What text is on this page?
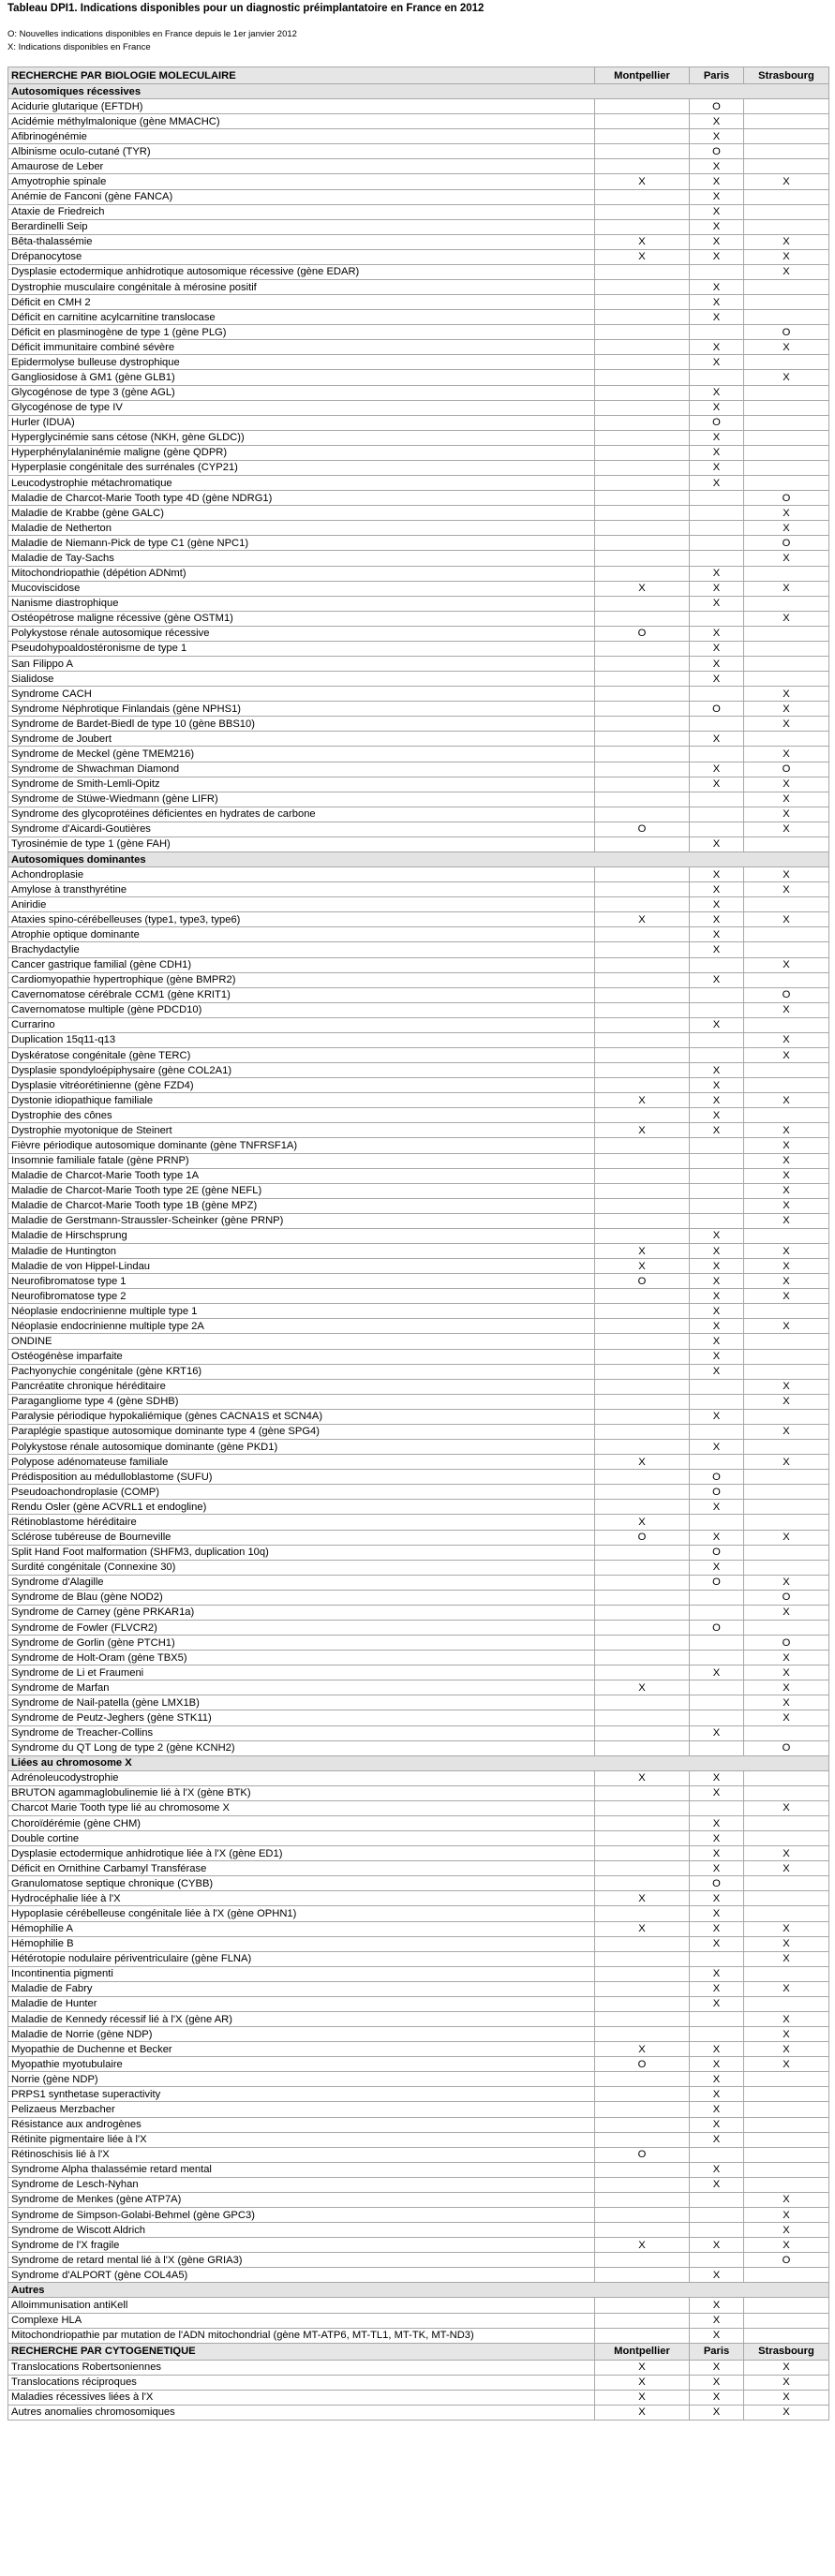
Tableau DPI1. Indications disponibles pour un diagnostic préimplantatoire en France en 2012
O: Nouvelles indications disponibles en France depuis le 1er janvier 2012
X: Indications disponibles en France
RECHERCHE PAR BIOLOGIE MOLECULAIRE	Montpellier	Paris	Strasbourg
Autosomiques récessives			
Acidurie glutarique (EFTDH)		O	
Acidémie méthylmalonique (gène MMACHC)		X	
Afibrinogénémie		X	
Albinisme oculo-cutané (TYR)		O	
Amaurose de Leber		X	
Amyotrophie spinale	X	X	X
Anémie de Fanconi (gène FANCA)		X	
Ataxie de Friedreich		X	
Berardinelli Seip		X	
Bêta-thalassémie	X	X	X
Drépanocytose	X	X	X
Dysplasie ectodermique anhidrotique autosomique récessive (gène EDAR)			X
Dystrophie musculaire congénitale à mérosine positif		X	
Déficit en CMH 2		X	
Déficit en carnitine acylcarnitine translocase		X	
Déficit en plasminogène de type 1 (gène PLG)			O
Déficit immunitaire combiné sévère		X	X
Epidermolyse bulleuse dystrophique		X	
Gangliosidose à GM1 (gène GLB1)			X
Glycogénose de type 3 (gène AGL)		X	
Glycogénose de type IV		X	
Hurler (IDUA)		O	
Hyperglycinémie sans cétose (NKH, gène GLDC))		X	
Hyperphénylalaninémie maligne (gène QDPR)		X	
Hyperplasie congénitale des surrénales (CYP21)		X	
Leucodystrophie métachromatique		X	
Maladie de Charcot-Marie Tooth type 4D (gène NDRG1)			O
Maladie de Krabbe (gène GALC)			X
Maladie de Netherton			X
Maladie de Niemann-Pick de type C1 (gène NPC1)			O
Maladie de Tay-Sachs			X
Mitochondriopathie (dépétion ADNmt)		X	
Mucoviscidose	X	X	X
Nanisme diastrophique		X	
Ostéopétrose maligne récessive (gène OSTM1)			X
Polykystose rénale autosomique récessive	O	X	
Pseudohypoaldostéronisme de type 1		X	
San Filippo A		X	
Sialidose		X	
Syndrome CACH			X
Syndrome Néphrotique Finlandais (gène NPHS1)		O	X
Syndrome de Bardet-Biedl de type 10 (gène BBS10)			X
Syndrome de Joubert		X	
Syndrome de Meckel (gène TMEM216)			X
Syndrome de Shwachman Diamond		X	O
Syndrome de Smith-Lemli-Opitz		X	X
Syndrome de Stüwe-Wiedmann (gène LIFR)			X
Syndrome des glycoprotéines déficientes en hydrates de carbone			X
Syndrome d'Aicardi-Goutières	O		X
Tyrosinémie de type 1 (gène FAH)		X	
Autosomiques dominantes			
Achondroplasie		X	X
Amylose à transthyrétine		X	X
Aniridie		X	
Ataxies spino-cérébelleuses (type1, type3, type6)	X	X	X
Atrophie optique dominante		X	
Brachydactylie		X	
Cancer gastrique familial (gène CDH1)			X
Cardiomyopathie hypertrophique (gène BMPR2)		X	
Cavernomatose cérébrale CCM1 (gène KRIT1)			O
Cavernomatose multiple (gène PDCD10)			X
Currarino		X	
Duplication 15q11-q13			X
Dyskératose congénitale (gène TERC)			X
Dysplasie spondyloépiphysaire (gène COL2A1)		X	
Dysplasie vitréorétinienne (gène FZD4)		X	
Dystonie idiopathique familiale	X	X	X
Dystrophie des cônes		X	
Dystrophie myotonique de Steinert	X	X	X
Fièvre périodique autosomique dominante (gène TNFRSF1A)			X
Insomnie familiale fatale (gène PRNP)			X
Maladie de Charcot-Marie Tooth type 1A			X
Maladie de Charcot-Marie Tooth type 2E (gène NEFL)			X
Maladie de Charcot-Marie Tooth type 1B (gène MPZ)			X
Maladie de Gerstmann-Straussler-Scheinker (gène PRNP)			X
Maladie de Hirschsprung		X	
Maladie de Huntington	X	X	X
Maladie de von Hippel-Lindau	X	X	X
Neurofibromatose type 1	O	X	X
Neurofibromatose type 2		X	X
Néoplasie endocrinienne multiple type 1		X	
Néoplasie endocrinienne multiple type 2A		X	X
ONDINE		X	
Ostéogénèse imparfaite		X	
Pachyonychie congénitale (gène KRT16)		X	
Pancréatite chronique héréditaire			X
Paragangliome type 4 (gène SDHB)			X
Paralysie périodique hypokaliémique (gènes CACNA1S et SCN4A)		X	
Paraplégie spastique autosomique dominante type 4 (gène SPG4)			X
Polykystose rénale autosomique dominante (gène PKD1)		X	
Polypose adénomateuse familiale	X		X
Prédisposition au médulloblastome (SUFU)		O	
Pseudoachondroplasie (COMP)		O	
Rendu Osler (gène ACVRL1 et endogline)		X	
Rétinoblastome héréditaire	X		
Sclérose tubéreuse de Bourneville	O	X	X
Split Hand Foot malformation (SHFM3, duplication 10q)		O	
Surdité congénitale (Connexine 30)		X	
Syndrome d'Alagille		O	X
Syndrome de Blau (gène NOD2)			O
Syndrome de Carney (gène PRKAR1a)			X
Syndrome de Fowler (FLVCR2)		O	
Syndrome de Gorlin (gène PTCH1)			O
Syndrome de Holt-Oram (gène TBX5)			X
Syndrome de Li et Fraumeni		X	X
Syndrome de Marfan	X		X
Syndrome de Nail-patella (gène LMX1B)			X
Syndrome de Peutz-Jeghers (gène STK11)			X
Syndrome de Treacher-Collins		X	
Syndrome du QT Long de type 2 (gène KCNH2)			O
Liées au chromosome X			
Adrénoleucodystrophie	X	X	
BRUTON agammaglobulinemie lié à l'X (gène BTK)		X	
Charcot Marie Tooth type lié au chromosome X			X
Choroïdérémie (gène CHM)		X	
Double cortine		X	
Dysplasie ectodermique anhidrotique liée à l'X (gène ED1)		X	X
Déficit en Ornithine Carbamyl Transférase		X	X
Granulomatose septique chronique (CYBB)		O	
Hydrocéphalie liée à l'X	X	X	
Hypoplasie cérébelleuse congénitale liée à l'X (gène OPHN1)		X	
Hémophilie A	X	X	X
Hémophilie B		X	X
Hétérotopie nodulaire périventriculaire (gène FLNA)			X
Incontinentia pigmenti		X	
Maladie de Fabry		X	X
Maladie de Hunter		X	
Maladie de Kennedy récessif lié à l'X (gène AR)			X
Maladie de Norrie (gène NDP)			X
Myopathie de Duchenne et Becker	X	X	X
Myopathie myotubulaire	O	X	X
Norrie (gène NDP)		X	
PRPS1 synthetase superactivity		X	
Pelizaeus Merzbacher		X	
Résistance aux androgènes		X	
Rétinite pigmentaire liée à l'X		X	
Rétinoschisis lié à l'X	O		
Syndrome Alpha thalassémie retard mental		X	
Syndrome de Lesch-Nyhan		X	
Syndrome de Menkes (gène ATP7A)			X
Syndrome de Simpson-Golabi-Behmel (gène GPC3)			X
Syndrome de Wiscott Aldrich			X
Syndrome de l'X fragile	X	X	X
Syndrome de retard mental lié à l'X (gène GRIA3)			O
Syndrome d'ALPORT (gène COL4A5)		X	
Autres			
Alloimmunisation antiKell		X	
Complexe HLA		X	
Mitochondriopathie par mutation de l'ADN mitochondrial (gène MT-ATP6, MT-TL1, MT-TK, MT-ND3)		X	
RECHERCHE PAR CYTOGENETIQUE	Montpellier	Paris	Strasbourg
Translocations Robertsoniennes	X	X	X
Translocations réciproques	X	X	X
Maladies récessives liées à l'X	X	X	X
Autres anomalies chromosomiques	X	X	X
